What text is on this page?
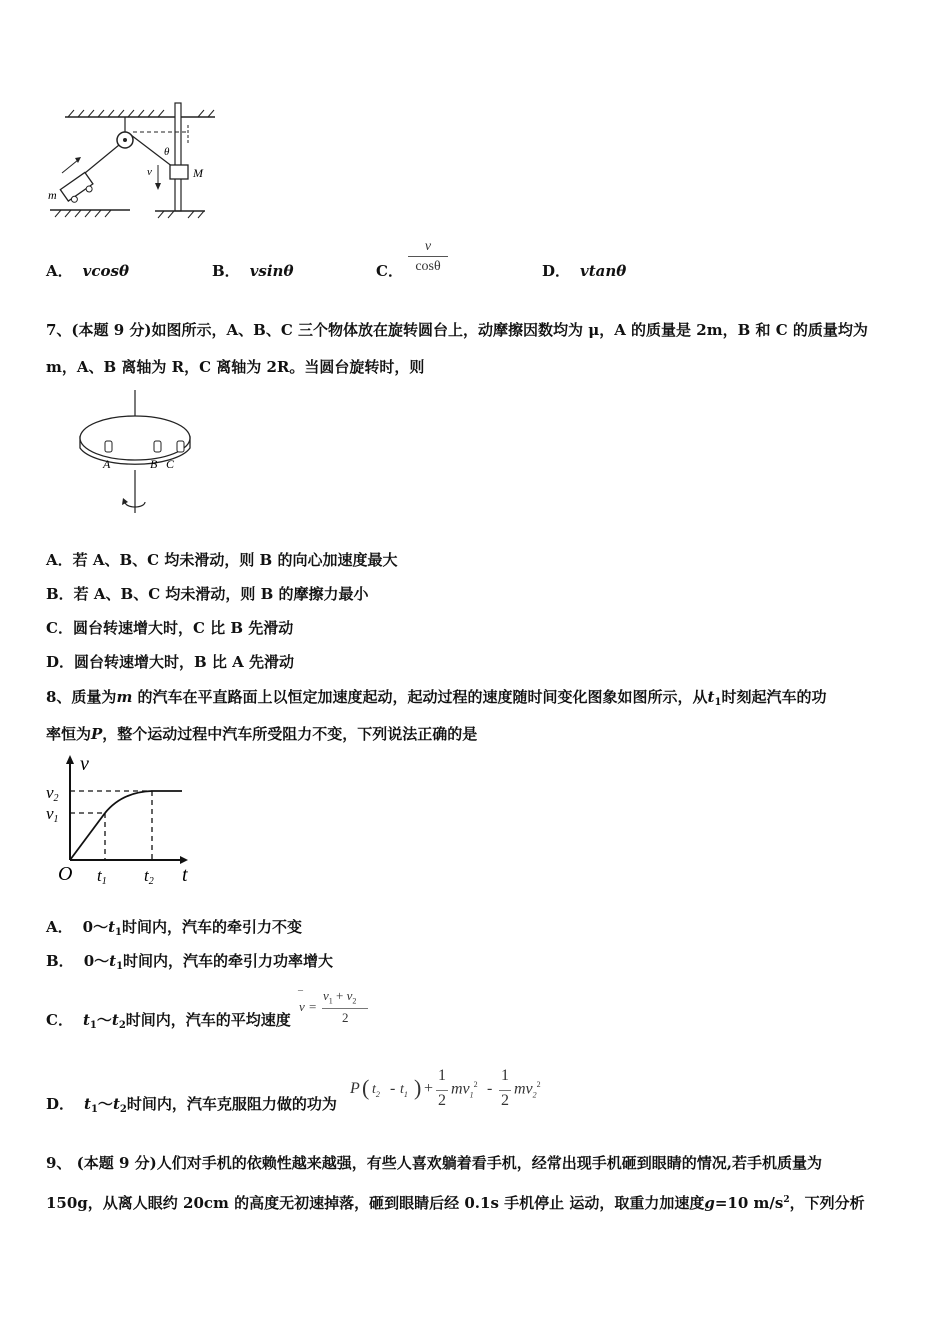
M
θ
v
m
A． vcosθ	B． vsinθ	C． $\frac{v}{\cos\theta}$	D． vtanθ
7、(本题 9 分)如图所示，A、B、C 三个物体放在旋转圆台上，动摩擦因数均为 μ，A 的质量是 2m，B 和 C 的质量均为
m，A、B 离轴为 R，C 离轴为 2R。当圆台旋转时，则
A	B C
A．若 A、B、C 均未滑动，则 B 的向心加速度最大
B．若 A、B、C 均未滑动，则 B 的摩擦力最小
C．圆台转速增大时，C 比 B 先滑动
D．圆台转速增大时，B 比 A 先滑动
8、质量为m 的汽车在平直路面上以恒定加速度起动，起动过程的速度随时间变化图象如图所示，从$t_1$时刻起汽车的功
率恒为P，整个运动过程中汽车所受阻力不变，下列说法正确的是
v
v2
v1
O t1 t2 t
A． $0\sim t_1$时间内，汽车的牵引力不变
B． $0\sim t_1$时间内，汽车的牵引力功率增大
C． $t_1\sim t_2$时间内，汽车的平均速度
v
¯
=
$v_1 + v_2$
2
D． $t_1\sim t_2$时间内，汽车克服阻力做的功为
P ( $t_2 - t_1$ ) +
1
2
$mv_1^2$ -
1
2
$mv_2^2$
9、 (本题 9 分)人们对手机的依赖性越来越强，有些人喜欢躺着看手机，经常出现手机砸到眼睛的情况,若手机质量为
150g，从离人眼约 20cm 的高度无初速掉落，砸到眼睛后经 0.1s 手机停止 运动，取重力加速度g=10 $m/s^2$，下列分析
